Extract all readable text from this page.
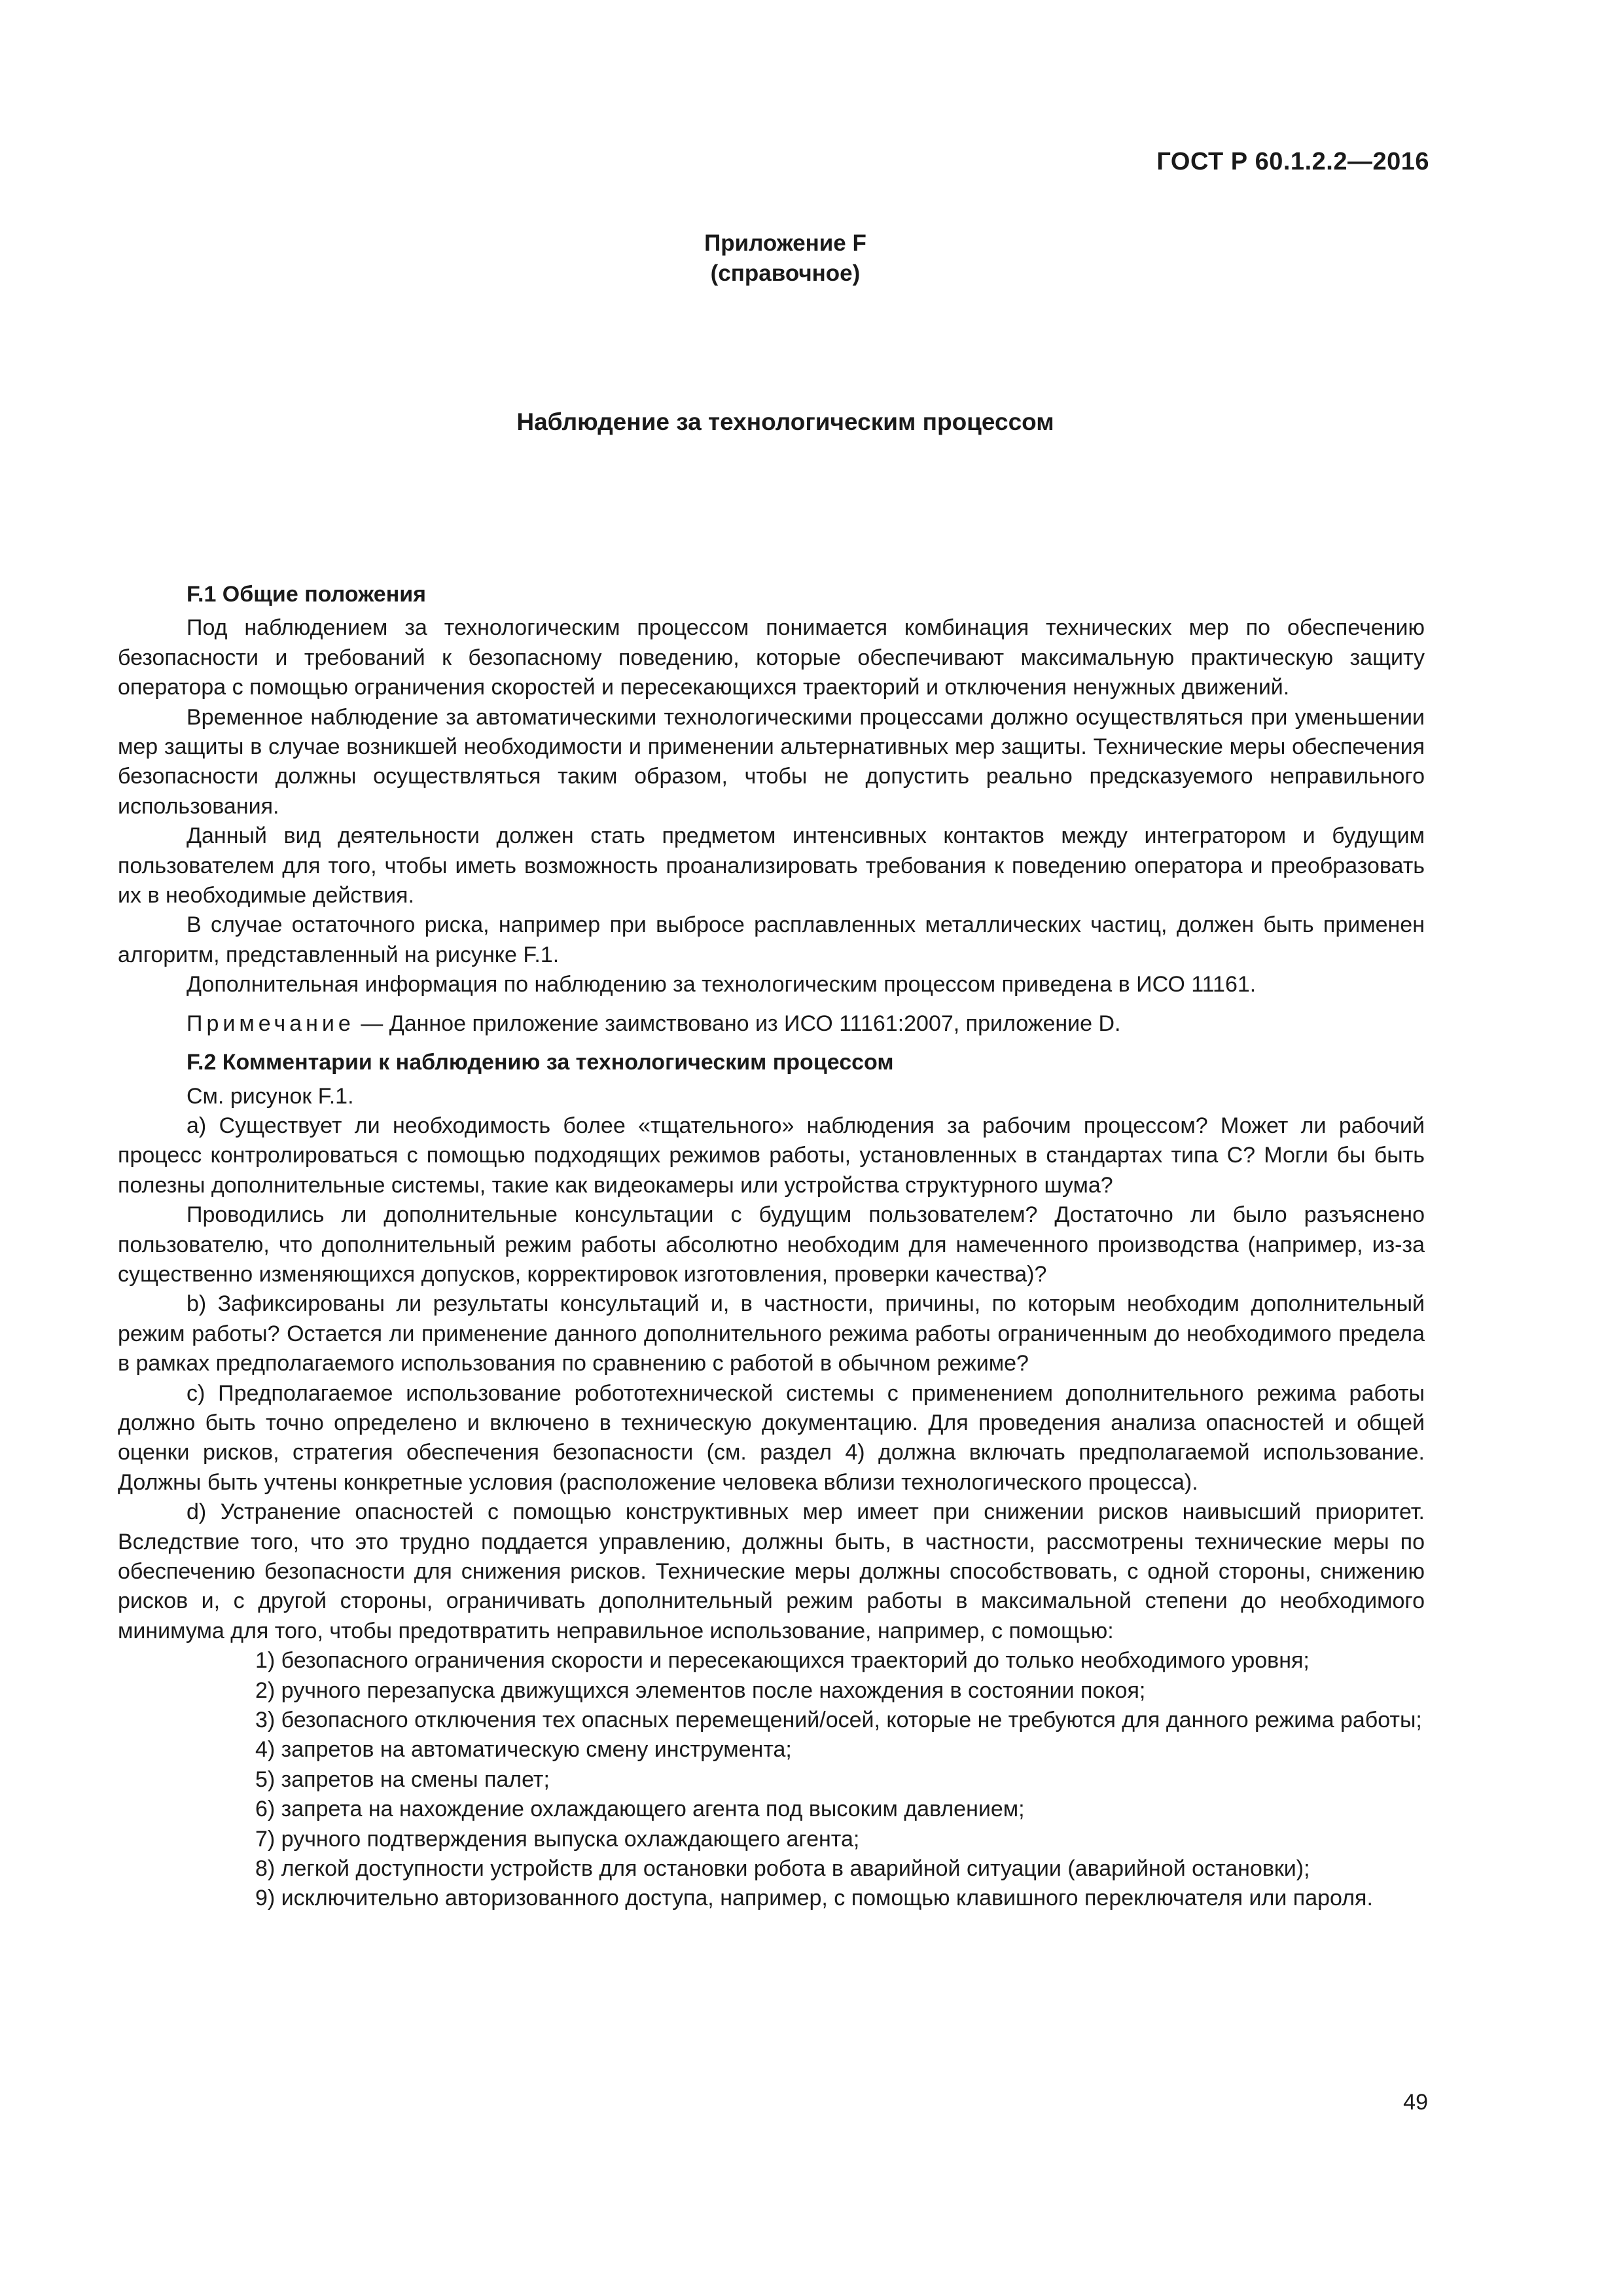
ГОСТ Р 60.1.2.2—2016
Приложение F
(справочное)
Наблюдение за технологическим процессом

F.1 Общие положения

Под наблюдением за технологическим процессом понимается комбинация технических мер по обеспечению безопасности и требований к безопасному поведению, которые обеспечивают максимальную практическую защиту оператора с помощью ограничения скоростей и пересекающихся траекторий и отключения ненужных движений.

Временное наблюдение за автоматическими технологическими процессами должно осуществляться при уменьшении мер защиты в случае возникшей необходимости и применении альтернативных мер защиты. Технические меры обеспечения безопасности должны осуществляться таким образом, чтобы не допустить реально предсказуемого неправильного использования.

Данный вид деятельности должен стать предметом интенсивных контактов между интегратором и будущим пользователем для того, чтобы иметь возможность проанализировать требования к поведению оператора и преобразовать их в необходимые действия.

В случае остаточного риска, например при выбросе расплавленных металлических частиц, должен быть применен алгоритм, представленный на рисунке F.1.

Дополнительная информация по наблюдению за технологическим процессом приведена в ИСО 11161.

Примечание — Данное приложение заимствовано из ИСО 11161:2007, приложение D.

F.2 Комментарии к наблюдению за технологическим процессом

См. рисунок F.1.

a) Существует ли необходимость более «тщательного» наблюдения за рабочим процессом? Может ли рабочий процесс контролироваться с помощью подходящих режимов работы, установленных в стандартах типа C? Могли бы быть полезны дополнительные системы, такие как видеокамеры или устройства структурного шума?

Проводились ли дополнительные консультации с будущим пользователем? Достаточно ли было разъяснено пользователю, что дополнительный режим работы абсолютно необходим для намеченного производства (например, из-за существенно изменяющихся допусков, корректировок изготовления, проверки качества)?

b) Зафиксированы ли результаты консультаций и, в частности, причины, по которым необходим дополнительный режим работы? Остается ли применение данного дополнительного режима работы ограниченным до необходимого предела в рамках предполагаемого использования по сравнению с работой в обычном режиме?

c) Предполагаемое использование робототехнической системы с применением дополнительного режима работы должно быть точно определено и включено в техническую документацию. Для проведения анализа опасностей и общей оценки рисков, стратегия обеспечения безопасности (см. раздел 4) должна включать предполагаемой использование. Должны быть учтены конкретные условия (расположение человека вблизи технологического процесса).

d) Устранение опасностей с помощью конструктивных мер имеет при снижении рисков наивысший приоритет. Вследствие того, что это трудно поддается управлению, должны быть, в частности, рассмотрены технические меры по обеспечению безопасности для снижения рисков. Технические меры должны способствовать, с одной стороны, снижению рисков и, с другой стороны, ограничивать дополнительный режим работы в максимальной степени до необходимого минимума для того, чтобы предотвратить неправильное использование, например, с помощью:

1) безопасного ограничения скорости и пересекающихся траекторий до только необходимого уровня;

2) ручного перезапуска движущихся элементов после нахождения в состоянии покоя;

3) безопасного отключения тех опасных перемещений/осей, которые не требуются для данного режима работы;

4) запретов на автоматическую смену инструмента;

5) запретов на смены палет;

6) запрета на нахождение охлаждающего агента под высоким давлением;

7) ручного подтверждения выпуска охлаждающего агента;

8) легкой доступности устройств для остановки робота в аварийной ситуации (аварийной остановки);

9) исключительно авторизованного доступа, например, с помощью клавишного переключателя или пароля.

49
